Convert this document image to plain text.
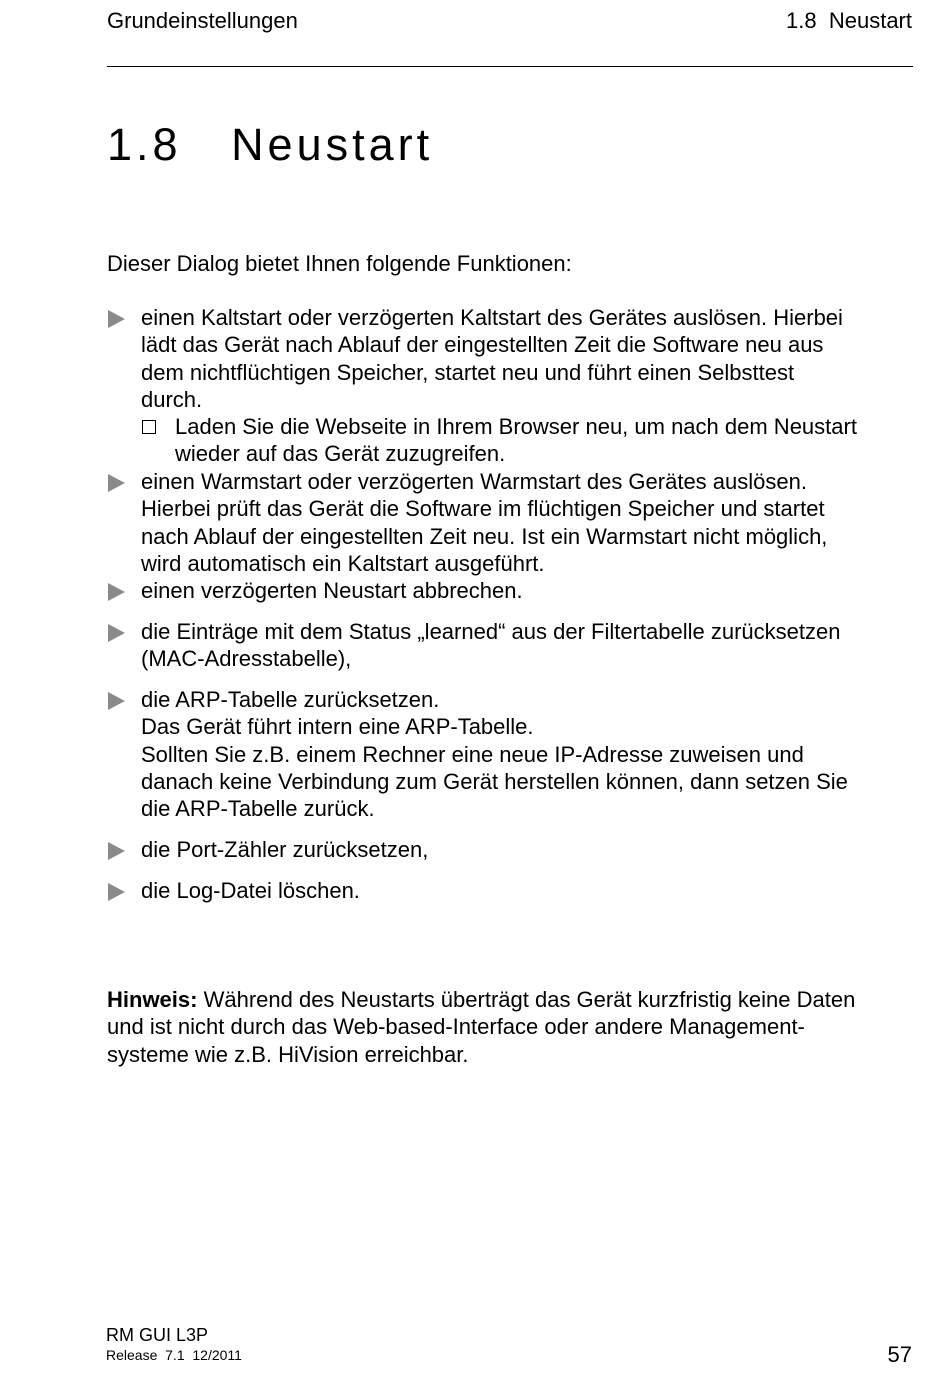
Grundeinstellungen	1.8  Neustart
1.8   Neustart
Dieser Dialog bietet Ihnen folgende Funktionen:
einen Kaltstart oder verzögerten Kaltstart des Gerätes auslösen. Hierbei
lädt das Gerät nach Ablauf der eingestellten Zeit die Software neu aus
dem nichtflüchtigen Speicher, startet neu und führt einen Selbsttest
durch.
Laden Sie die Webseite in Ihrem Browser neu, um nach dem Neustart
wieder auf das Gerät zuzugreifen.
einen Warmstart oder verzögerten Warmstart des Gerätes auslösen.
Hierbei prüft das Gerät die Software im flüchtigen Speicher und startet
nach Ablauf der eingestellten Zeit neu. Ist ein Warmstart nicht möglich,
wird automatisch ein Kaltstart ausgeführt.
einen verzögerten Neustart abbrechen.
die Einträge mit dem Status „learned“ aus der Filtertabelle zurücksetzen
(MAC-Adresstabelle),
die ARP-Tabelle zurücksetzen.
Das Gerät führt intern eine ARP-Tabelle.
Sollten Sie z.B. einem Rechner eine neue IP-Adresse zuweisen und
danach keine Verbindung zum Gerät herstellen können, dann setzen Sie
die ARP-Tabelle zurück.
die Port-Zähler zurücksetzen,
die Log-Datei löschen.
Hinweis: Während des Neustarts überträgt das Gerät kurzfristig keine Daten
und ist nicht durch das Web-based-Interface oder andere Management-
systeme wie z.B. HiVision erreichbar.
RM GUI L3P
Release  7.1  12/2011	57
